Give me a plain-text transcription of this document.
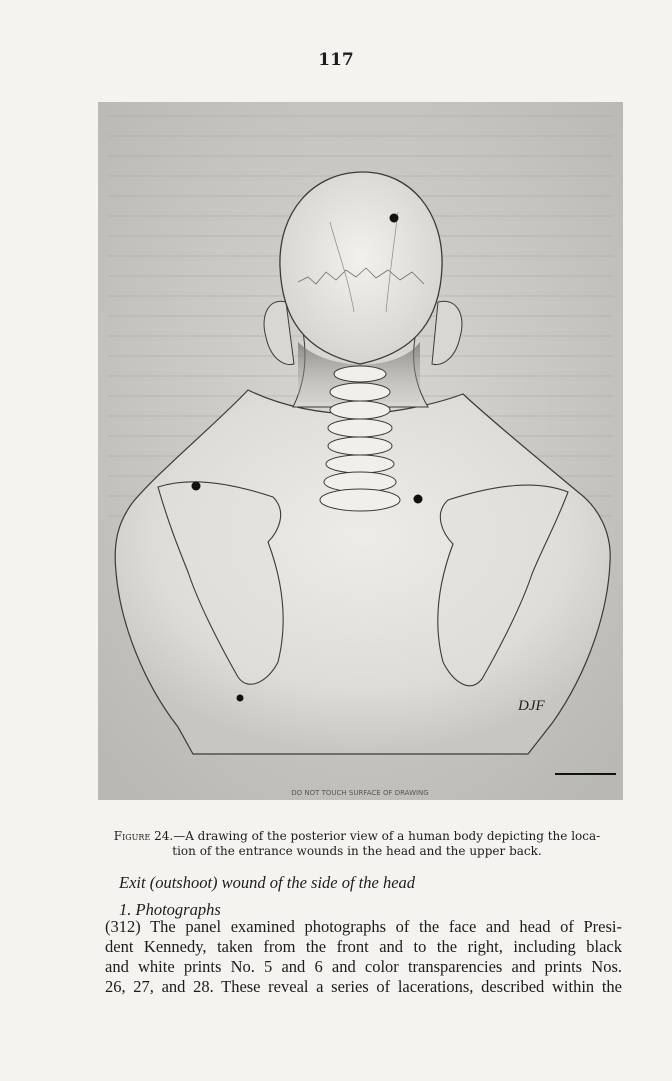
117
DJF
DO NOT TOUCH SURFACE OF DRAWING
Figure 24.—A drawing of the posterior view of a human body depicting the loca-
tion of the entrance wounds in the head and the upper back.
Exit (outshoot) wound of the side of the head
1. Photographs
(312) The panel examined photographs of the face and head of Presi-
dent Kennedy, taken from the front and to the right, including black
and white prints No. 5 and 6 and color transparencies and prints Nos.
26, 27, and 28. These reveal a series of lacerations, described within the
